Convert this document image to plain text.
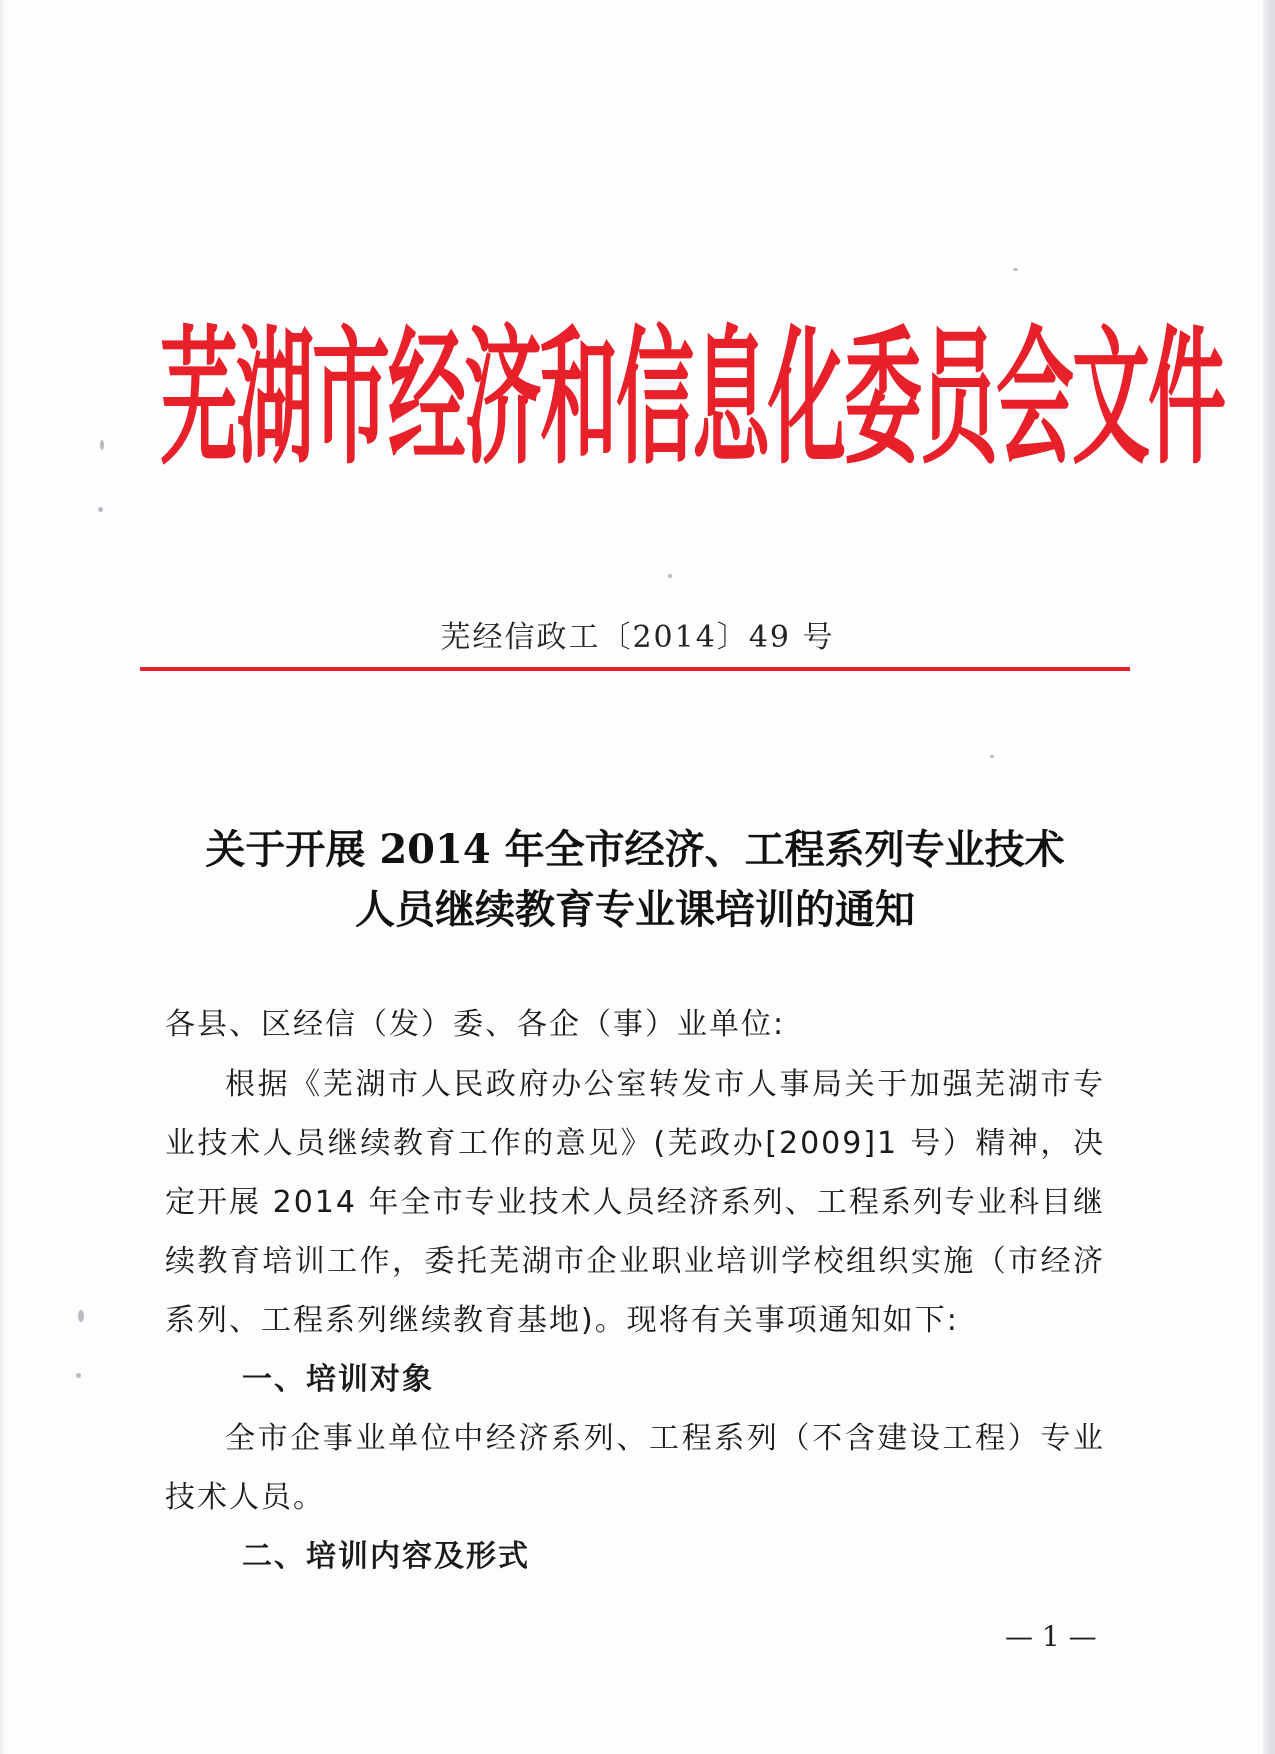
芜湖市经济和信息化委员会文件
芜经信政工〔2014〕49 号
关于开展 2014 年全市经济、工程系列专业技术
人员继续教育专业课培训的通知

各县、区经信（发）委、各企（事）业单位:

根据《芜湖市人民政府办公室转发市人事局关于加强芜湖市专业技术人员继续教育工作的意见》(芜政办[2009]1 号）精神，决定开展 2014 年全市专业技术人员经济系列、工程系列专业科目继续教育培训工作，委托芜湖市企业职业培训学校组织实施（市经济系列、工程系列继续教育基地)。现将有关事项通知如下:

一、培训对象

全市企事业单位中经济系列、工程系列（不含建设工程）专业技术人员。

二、培训内容及形式

— 1 —
